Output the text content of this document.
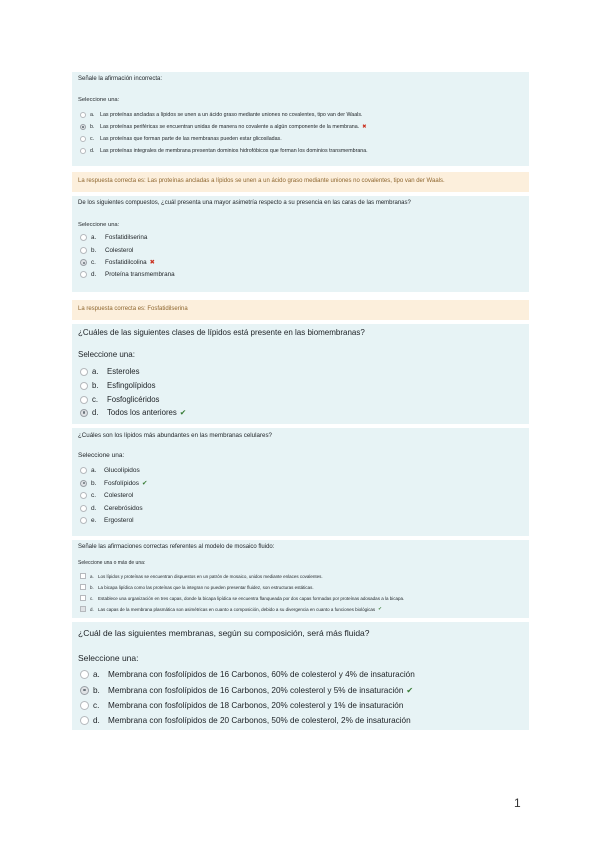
Señale la afirmación incorrecta:
Seleccione una:
a.	Las proteínas ancladas a lípidos se unen a un ácido graso mediante uniones no covalentes, tipo van der Waals.
b.	Las proteínas periféricas se encuentran unidas de manera no covalente a algún componente de la membrana. ✖
c.	Las proteínas que forman parte de las membranas pueden estar glicosiladas.
d.	Las proteínas integrales de membrana presentan dominios hidrofóbicos que forman los dominios transmembrana.
La respuesta correcta es: Las proteínas ancladas a lípidos se unen a un ácido graso mediante uniones no covalentes, tipo van der Waals.
De los siguientes compuestos, ¿cuál presenta una mayor asimetría respecto a su presencia en las caras de las membranas?
Seleccione una:
a.	Fosfatidilserina
b.	Colesterol
c.	Fosfatidilcolina ✖
d.	Proteína transmembrana
La respuesta correcta es: Fosfatidilserina
¿Cuáles de las siguientes clases de lípidos está presente en las biomembranas?
Seleccione una:
a.	Esteroles
b.	Esfingolípidos
c.	Fosfoglicéridos
d.	Todos los anteriores ✔
¿Cuáles son los lípidos más abundantes en las membranas celulares?
Seleccione una:
a.	Glucolípidos
b.	Fosfolípidos ✔
c.	Colesterol
d.	Cerebrósidos
e.	Ergosterol
Señale las afirmaciones correctas referentes al modelo de mosaico fluido:
Seleccione una o más de una:
a. Los lípidos y proteínas se encuentran dispuestos en un patrón de mosaico, unidos mediante enlaces covalentes.
b. La bicapa lipídica como las proteínas que la integran no pueden presentar fluidez, son estructuras estáticas.
c. Establece una organización en tres capas, donde la bicapa lipídica se encuentra flanqueada por dos capas formadas por proteínas adosadas a la bicapa.
d. Las capas de la membrana plasmática son asimétricas en cuanto a composición, debido a su divergencia en cuanto a funciones biológicas ✔
¿Cuál de las siguientes membranas, según su composición, será más fluida?
Seleccione una:
a. Membrana con fosfolípidos de 16 Carbonos, 60% de colesterol y 4% de insaturación
b. Membrana con fosfolípidos de 16 Carbonos, 20% colesterol y 5% de insaturación ✔
c.	Membrana con fosfolípidos de 18 Carbonos, 20% colesterol y 1% de insaturación
d. Membrana con fosfolípidos de 20 Carbonos, 50% de colesterol, 2% de insaturación
1
